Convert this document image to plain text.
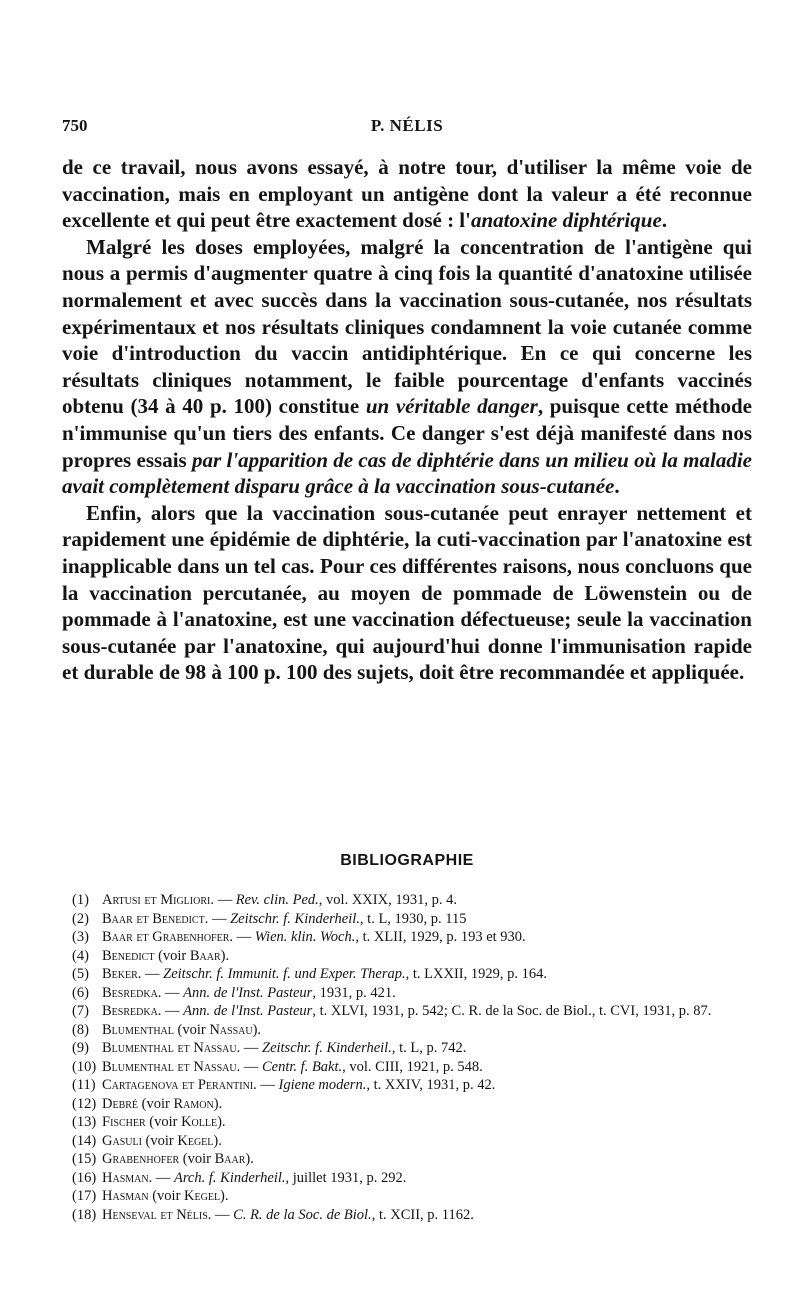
750	P. NÉLIS

de ce travail, nous avons essayé, à notre tour, d'utiliser la même voie de vaccination, mais en employant un antigène dont la valeur a été reconnue excellente et qui peut être exactement dosé : l'anatoxine diphtérique.

Malgré les doses employées, malgré la concentration de l'antigène qui nous a permis d'augmenter quatre à cinq fois la quantité d'anatoxine utilisée normalement et avec succès dans la vaccination sous-cutanée, nos résultats expérimentaux et nos résultats cliniques condamnent la voie cutanée comme voie d'introduction du vaccin antidiphtérique. En ce qui concerne les résultats cliniques notamment, le faible pourcentage d'enfants vaccinés obtenu (34 à 40 p. 100) constitue un véritable danger, puisque cette méthode n'immunise qu'un tiers des enfants. Ce danger s'est déjà manifesté dans nos propres essais par l'apparition de cas de diphtérie dans un milieu où la maladie avait complètement disparu grâce à la vaccination sous-cutanée.

Enfin, alors que la vaccination sous-cutanée peut enrayer nettement et rapidement une épidémie de diphtérie, la cuti-vaccination par l'anatoxine est inapplicable dans un tel cas. Pour ces différentes raisons, nous concluons que la vaccination percutanée, au moyen de pommade de Löwenstein ou de pommade à l'anatoxine, est une vaccination défectueuse; seule la vaccination sous-cutanée par l'anatoxine, qui aujourd'hui donne l'immunisation rapide et durable de 98 à 100 p. 100 des sujets, doit être recommandée et appliquée.

BIBLIOGRAPHIE
(1) Artusi et Migliori. — Rev. clin. Ped., vol. XXIX, 1931, p. 4.
(2) Baar et Benedict. — Zeitschr. f. Kinderheil., t. L, 1930, p. 115
(3) Baar et Grabenhofer. — Wien. klin. Woch., t. XLII, 1929, p. 193 et 930.
(4) Benedict (voir Baar).
(5) Beker. — Zeitschr. f. Immunit. f. und Exper. Therap., t. LXXII, 1929, p. 164.
(6) Besredka. — Ann. de l'Inst. Pasteur, 1931, p. 421.
(7) Besredka. — Ann. de l'Inst. Pasteur, t. XLVI, 1931, p. 542; C. R. de la Soc. de Biol., t. CVI, 1931, p. 87.
(8) Blumenthal (voir Nassau).
(9) Blumenthal et Nassau. — Zeitschr. f. Kinderheil., t. L, p. 742.
(10) Blumenthal et Nassau. — Centr. f. Bakt., vol. CIII, 1921, p. 548.
(11) Cartagenova et Perantini. — Igiene modern., t. XXIV, 1931, p. 42.
(12) Debré (voir Ramon).
(13) Fischer (voir Kolle).
(14) Gasuli (voir Kegel).
(15) Grabenhofer (voir Baar).
(16) Hasman. — Arch. f. Kinderheil., juillet 1931, p. 292.
(17) Hasman (voir Kegel).
(18) Henseval et Nélis. — C. R. de la Soc. de Biol., t. XCII, p. 1162.
